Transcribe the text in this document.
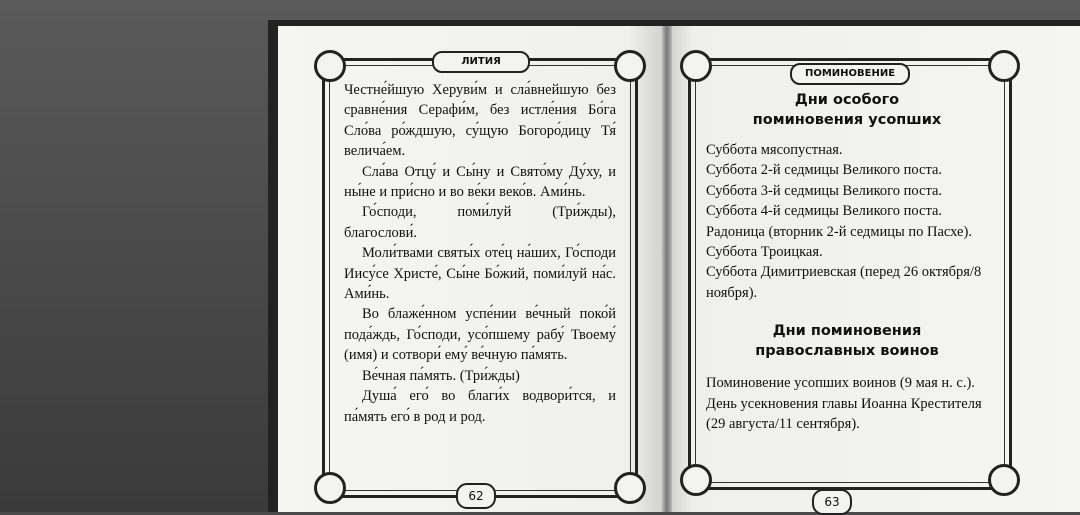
ЛИТИЯ
62

Честне́йшую Херуви́м и сла́внейшую без сравне́ния Серафи́м, без истле́ния Бо́га Сло́ва ро́ждшую, су́щую Богоро́дицу Тя́ велича́ем.

Сла́ва Отцу́ и Сы́ну и Свято́му Ду́ху, и ны́не и при́сно и во ве́ки веко́в. Ами́нь.

Го́споди, поми́луй (Три́жды), благослови́.

Моли́твами святы́х оте́ц на́ших, Го́споди Иису́се Христе́, Сы́не Бо́жий, поми́луй на́с. Ами́нь.

Во блаже́нном успе́нии ве́чный поко́й пода́ждь, Го́споди, усо́пшему рабу́ Твоему́ (имя) и сотвори́ ему́ ве́чную па́мять.

Ве́чная па́мять. (Три́жды)

Душа́ его́ во благи́х водвори́тся, и па́мять его́ в род и род.

ПОМИНОВЕНИЕ
63
Дни особого
поминовения усопших
Суббота мясопустная.
Суббота 2-й седмицы Великого поста.
Суббота 3-й седмицы Великого поста.
Суббота 4-й седмицы Великого поста.
Радоница (вторник 2-й седмицы по Пасхе).
Суббота Троицкая.
Суббота Димитриевская (перед 26 октября/8 ноября).
Дни поминовения
православных воинов
Поминовение усопших воинов (9 мая н. с.).
День усекновения главы Иоанна Крестителя (29 августа/11 сентября).
